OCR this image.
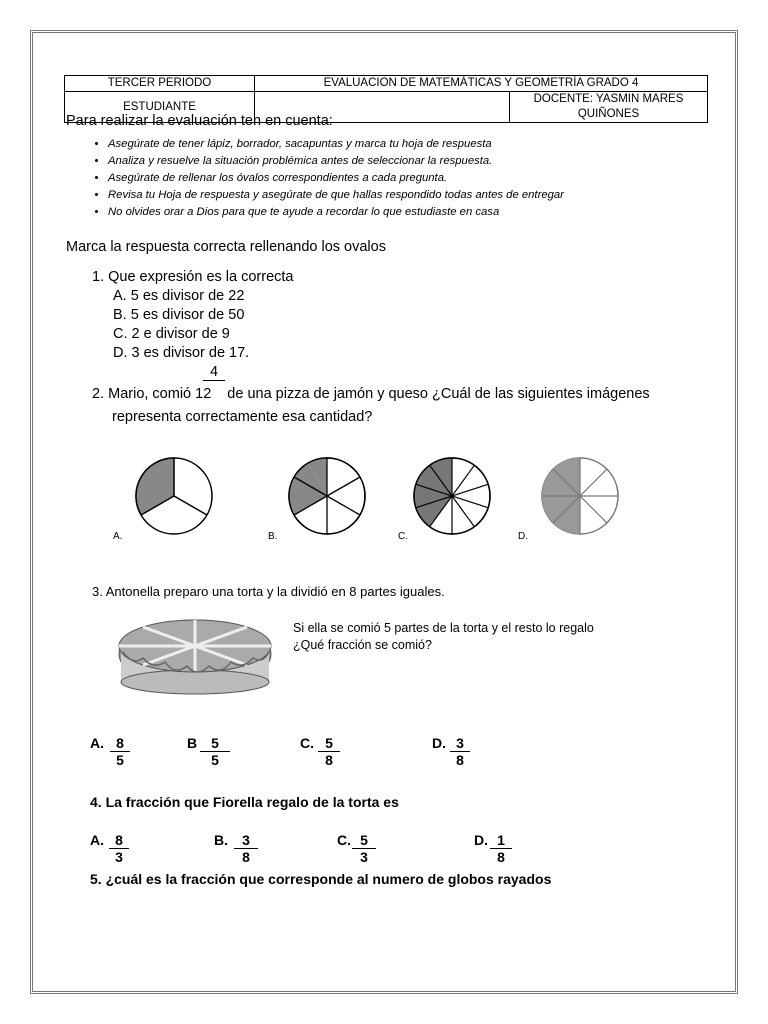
TERCER PERIODO	EVALUACION DE MATEMÁTICAS Y GEOMETRÍA GRADO 4	
ESTUDIANTE		DOCENTE: YASMIN MARES QUIÑONES
Para realizar la evaluación ten en cuenta:
• Asegúrate de tener lápiz, borrador, sacapuntas y marca tu hoja de respuesta
• Analiza y resuelve la situación problémica antes de seleccionar la respuesta.
• Asegúrate de rellenar los óvalos correspondientes a cada pregunta.
• Revisa tu Hoja de respuesta y asegúrate de que hallas respondido todas antes de entregar
• No olvides orar a Dios para que te ayude a recordar lo que estudiaste en casa
Marca la respuesta correcta rellenando los ovalos
1. Que expresión es la correcta
A. 5 es divisor de 22
B. 5 es divisor de 50
C. 2 e divisor de 9
D. 3 es divisor de 17.
4
2. Mario, comió 12 de una pizza de jamón y queso ¿Cuál de las siguientes imágenes
representa correctamente esa cantidad?
A.	B.	C.	D.
3. Antonella preparo una torta y la dividió en 8 partes iguales.
Si ella se comió 5 partes de la torta y el resto lo regalo
¿Qué fracción se comió?
A. $\frac{8}{5}$	B $\frac{5}{5}$	C. $\frac{5}{8}$	D. $\frac{3}{8}$
4. La fracción que Fiorella regalo de la torta es
A. $\frac{8}{3}$	B. $\frac{3}{8}$	C. $\frac{5}{3}$	D. $\frac{1}{8}$
5. ¿cuál es la fracción que corresponde al numero de globos rayados
